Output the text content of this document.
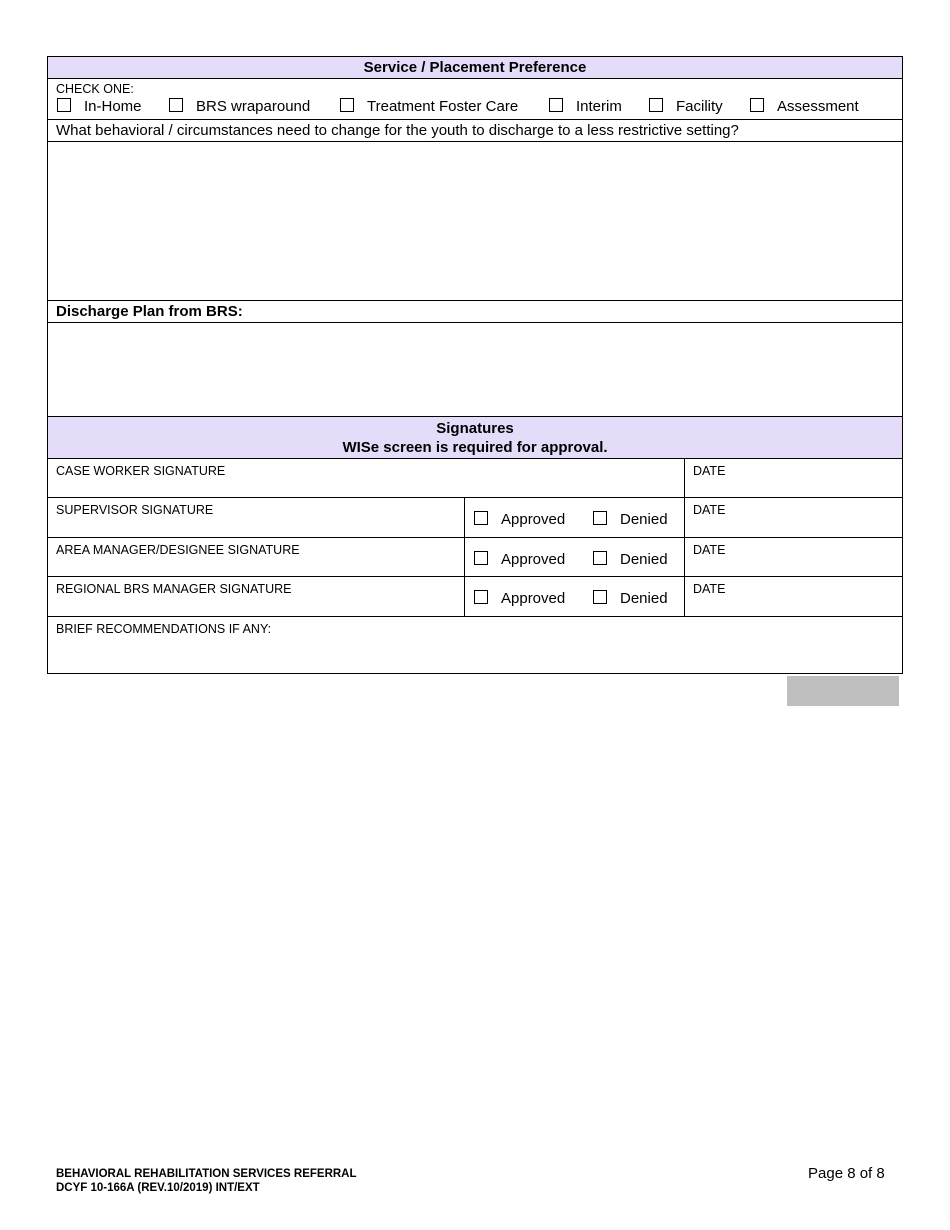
Service / Placement Preference
CHECK ONE:
In-Home	BRS wraparound	Treatment Foster Care	Interim	Facility	Assessment
What behavioral / circumstances need to change for the youth to discharge to a less restrictive setting?
Discharge Plan from BRS:
Signatures
WISe screen is required for approval.
CASE WORKER SIGNATURE	DATE
SUPERVISOR SIGNATURE
Approved	Denied
DATE
AREA MANAGER/DESIGNEE SIGNATURE
Approved	Denied
DATE
REGIONAL BRS MANAGER SIGNATURE
Approved	Denied
DATE
BRIEF RECOMMENDATIONS IF ANY:
BEHAVIORAL REHABILITATION SERVICES REFERRAL
DCYF 10-166A (REV.10/2019) INT/EXT
Page 8 of 8
